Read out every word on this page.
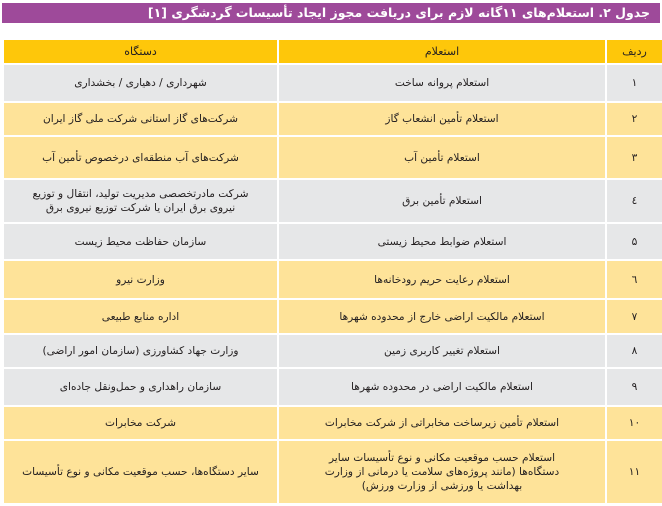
جدول ۲. استعلام‌های ۱۱گانه لازم برای دریافت مجوز ایجاد تأسیسات گردشگری [۱]
ردیف	استعلام	دستگاه
۱	استعلام پروانه ساخت	شهرداری / دهیاری / بخشداری
۲	استعلام تأمین انشعاب گاز	شرکت‌های گاز استانی شرکت ملی گاز ایران
۳	استعلام تأمین آب	شرکت‌های آب منطقه‌ای درخصوص تأمین آب
٤	استعلام تأمین برق	شرکت مادرتخصصی مدیریت تولید، انتقال و توزیع نیروی برق ایران یا شرکت توزیع نیروی برق
۵	استعلام ضوابط محیط زیستی	سازمان حفاظت محیط زیست
٦	استعلام رعایت حریم رودخانه‌ها	وزارت نیرو
۷	استعلام مالکیت اراضی خارج از محدوده شهرها	اداره منابع طبیعی
۸	استعلام تغییر کاربری زمین	وزارت جهاد کشاورزی (سازمان امور اراضی)
۹	استعلام مالکیت اراضی در محدوده شهرها	سازمان راهداری و حمل‌ونقل جاده‌ای
۱۰	استعلام تأمین زیرساخت مخابراتی از شرکت مخابرات	شرکت مخابرات
۱۱	استعلام حسب موقعیت مکانی و نوع تأسیسات سایر دستگاه‌ها (مانند پروژه‌های سلامت یا درمانی از وزارت بهداشت یا ورزشی از وزارت ورزش)	سایر دستگاه‌ها، حسب موقعیت مکانی و نوع تأسیسات
